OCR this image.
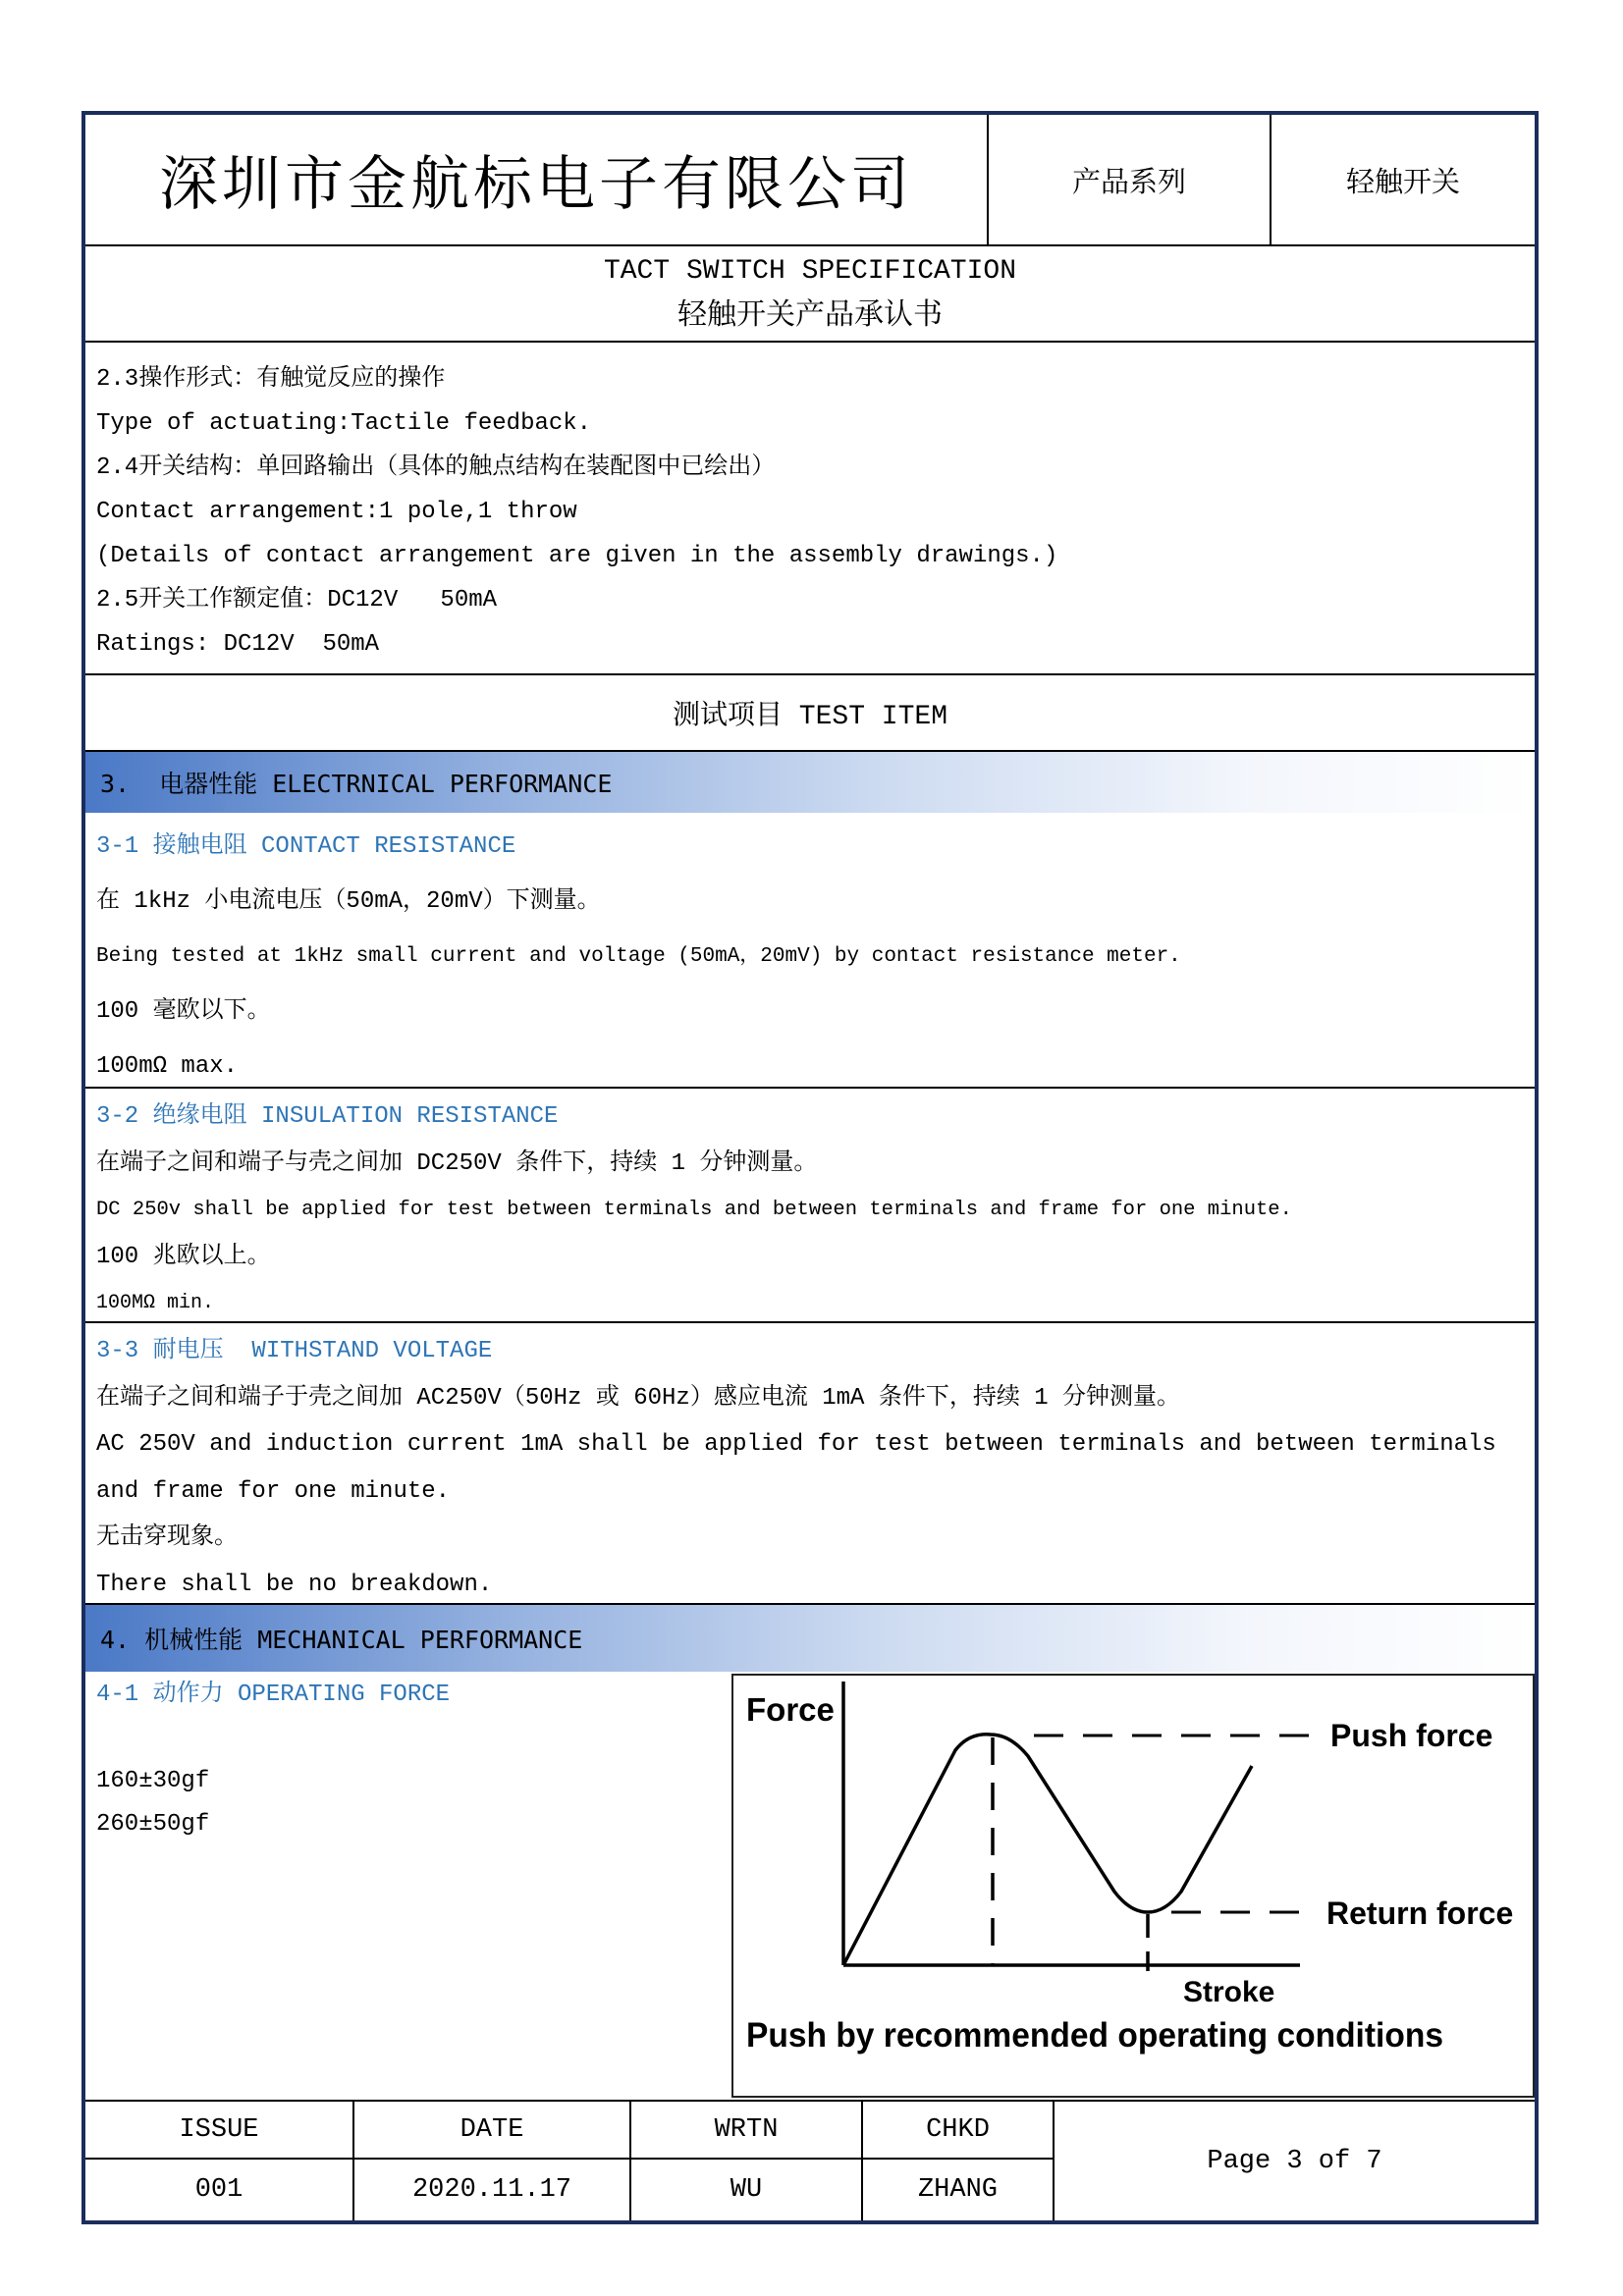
深圳市金航标电子有限公司	产品系列	轻触开关
TACT SWITCH SPECIFICATION
轻触开关产品承认书
2.3操作形式：有触觉反应的操作
Type of actuating:Tactile feedback.
2.4开关结构：单回路输出（具体的触点结构在装配图中已绘出）
Contact arrangement:1 pole,1 throw
(Details of contact arrangement are given in the assembly drawings.)
2.5开关工作额定值：DC12V   50mA
Ratings: DC12V  50mA
测试项目 TEST ITEM
3.  电器性能 ELECTRNICAL PERFORMANCE
3-1 接触电阻 CONTACT RESISTANCE
在 1kHz 小电流电压（50mA，20mV）下测量。
Being tested at 1kHz small current and voltage (50mA，20mV) by contact resistance meter.
100 毫欧以下。
100mΩ max.
3-2 绝缘电阻 INSULATION RESISTANCE
在端子之间和端子与壳之间加 DC250V 条件下，持续 1 分钟测量。
DC 250v shall be applied for test between terminals and between terminals and frame for one minute.
100 兆欧以上。
100MΩ min.
3-3 耐电压  WITHSTAND VOLTAGE
在端子之间和端子于壳之间加 AC250V（50Hz 或 60Hz）感应电流 1mA 条件下，持续 1 分钟测量。
AC 250V and induction current 1mA shall be applied for test between terminals and between terminals
and frame for one minute.
无击穿现象。
There shall be no breakdown.
4. 机械性能 MECHANICAL PERFORMANCE
4-1 动作力 OPERATING FORCE
160±30gf
260±50gf
Force
Push force
Return force
Stroke
Push by recommended operating conditions
ISSUE	DATE	WRTN	CHKD
001	2020.11.17	WU	ZHANG
Page 3 of 7
